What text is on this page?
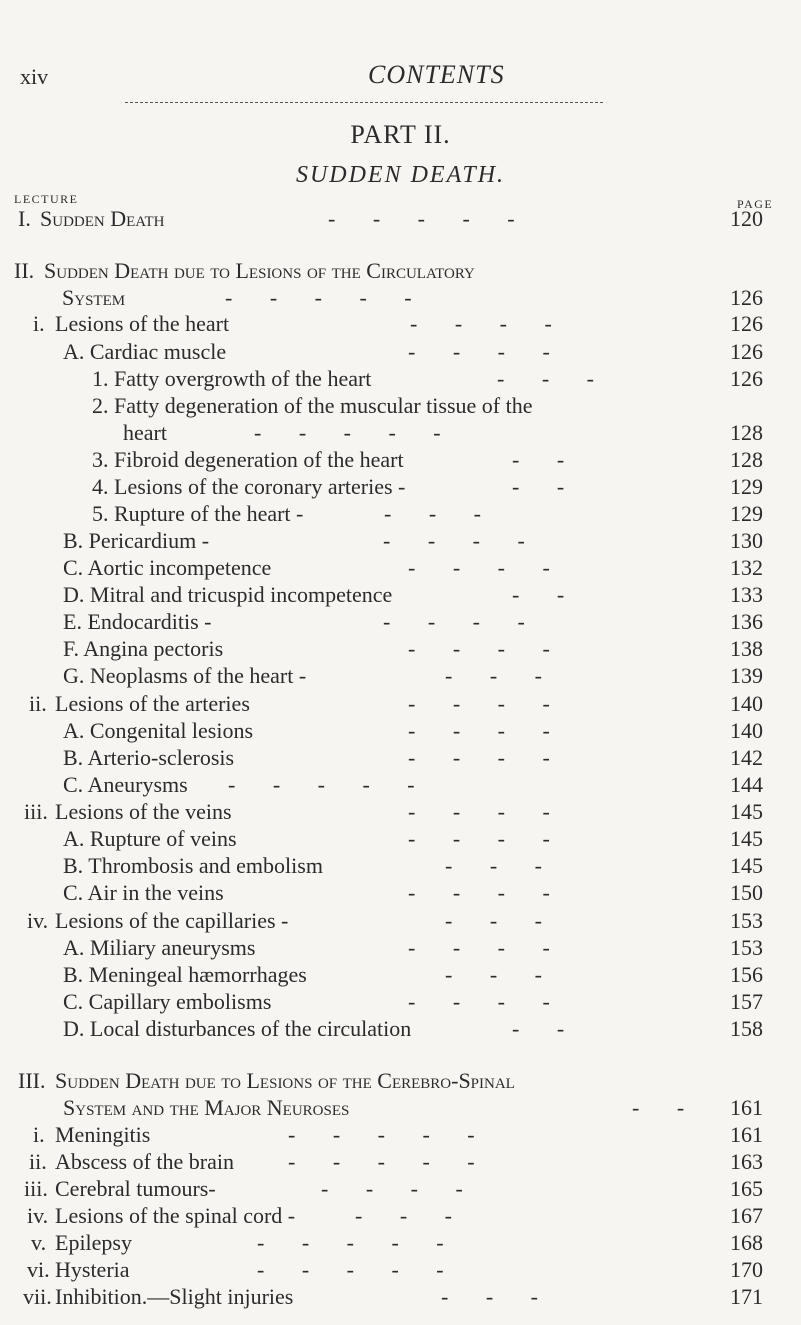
xiv	CONTENTS
PART II.
SUDDEN DEATH.
LECTURE	PAGE
I. Sudden Death	- - - - -	120
II. Sudden Death due to Lesions of the Circulatory
System	- - - - -	126
i. Lesions of the heart	- - - -	126
A. Cardiac muscle	- - - -	126
1. Fatty overgrowth of the heart	- - -	126
2. Fatty degeneration of the muscular tissue of the
heart	- - - - -	128
3. Fibroid degeneration of the heart	- -	128
4. Lesions of the coronary arteries -	- -	129
5. Rupture of the heart -	- - -	129
B. Pericardium -	- - - -	130
C. Aortic incompetence	- - - -	132
D. Mitral and tricuspid incompetence	- -	133
E. Endocarditis -	- - - -	136
F. Angina pectoris	- - - -	138
G. Neoplasms of the heart -	- - -	139
ii. Lesions of the arteries	- - - -	140
A. Congenital lesions	- - - -	140
B. Arterio-sclerosis	- - - -	142
C. Aneurysms - - - - -	144
iii. Lesions of the veins	- - - -	145
A. Rupture of veins	- - - -	145
B. Thrombosis and embolism	- - -	145
C. Air in the veins	- - - -	150
iv. Lesions of the capillaries -	- - -	153
A. Miliary aneurysms	- - - -	153
B. Meningeal hæmorrhages	- - -	156
C. Capillary embolisms	- - - -	157
D. Local disturbances of the circulation	- -	158
III. Sudden Death due to Lesions of the Cerebro-Spinal
System and the Major Neuroses	- - 161
i. Meningitis	- - - - -	161
ii. Abscess of the brain - - - - -	163
iii. Cerebral tumours-	- - - -	165
iv. Lesions of the spinal cord -	- - -	167
v. Epilepsy	- - - - -	168
vi. Hysteria	- - - - -	170
vii. Inhibition.—Slight injuries	- - -	171
